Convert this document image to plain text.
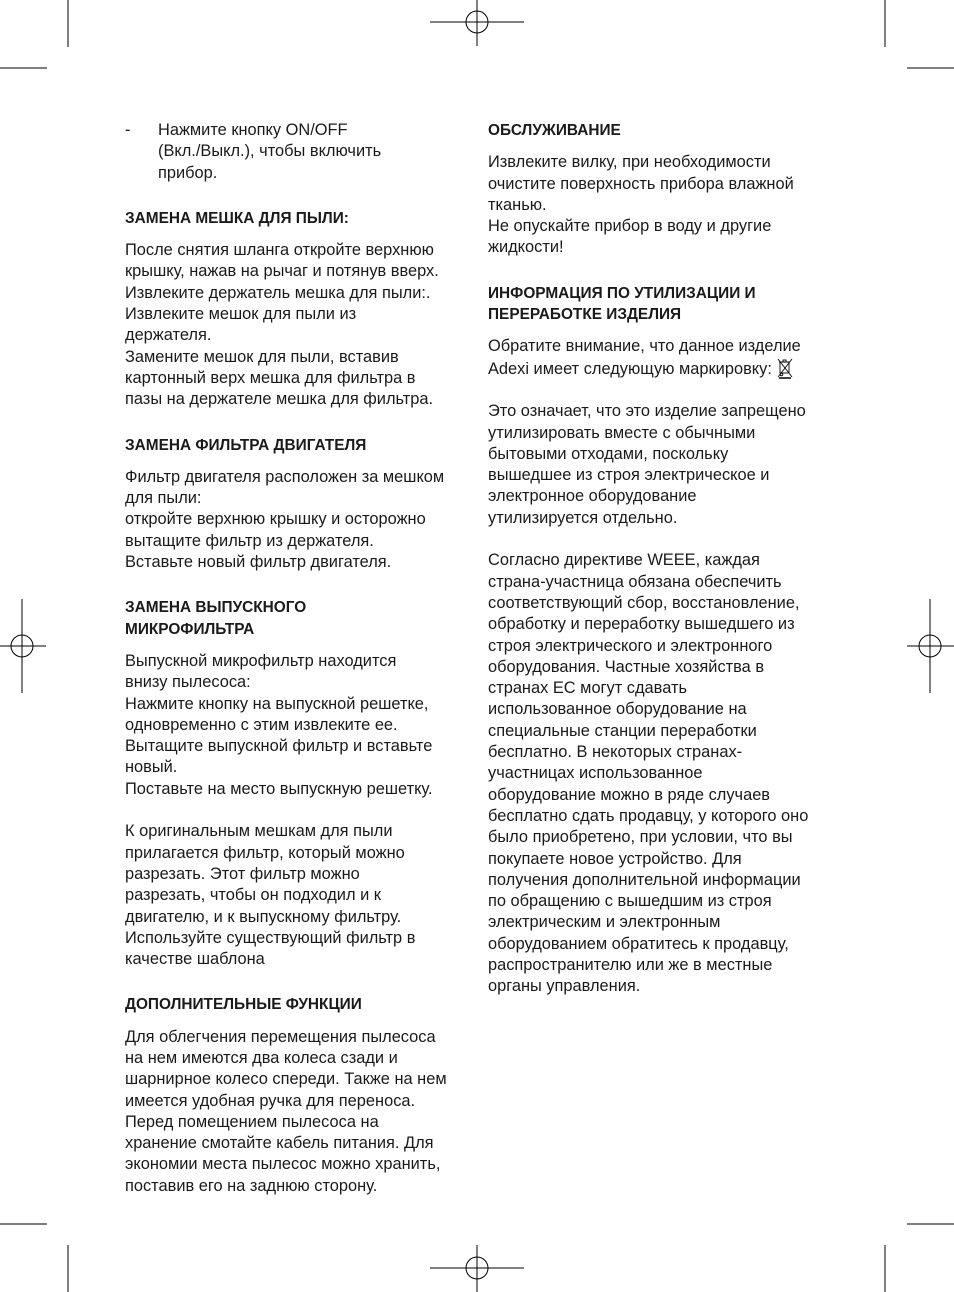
- Нажмите кнопку ON/OFF
(Вкл./Выкл.), чтобы включить
прибор.

ЗАМЕНА МЕШКА ДЛЯ ПЫЛИ:

После снятия шланга откройте верхнюю
крышку, нажав на рычаг и потянув вверх.
Извлеките держатель мешка для пыли:.
Извлеките мешок для пыли из
держателя.
Замените мешок для пыли, вставив
картонный верх мешка для фильтра в
пазы на держателе мешка для фильтра.

ЗАМЕНА ФИЛЬТРА ДВИГАТЕЛЯ

Фильтр двигателя расположен за мешком
для пыли:
откройте верхнюю крышку и осторожно
вытащите фильтр из держателя.
Вставьте новый фильтр двигателя.

ЗАМЕНА ВЫПУСКНОГО
МИКРОФИЛЬТРА

Выпускной микрофильтр находится
внизу пылесоса:
Нажмите кнопку на выпускной решетке,
одновременно с этим извлеките ее.
Вытащите выпускной фильтр и вставьте
новый.
Поставьте на место выпускную решетку.

К оригинальным мешкам для пыли
прилагается фильтр, который можно
разрезать. Этот фильтр можно
разрезать, чтобы он подходил и к
двигателю, и к выпускному фильтру.
Используйте существующий фильтр в
качестве шаблона

ДОПОЛНИТЕЛЬНЫЕ ФУНКЦИИ

Для облегчения перемещения пылесоса
на нем имеются два колеса сзади и
шарнирное колесо спереди. Также на нем
имеется удобная ручка для переноса.
Перед помещением пылесоса на
хранение смотайте кабель питания. Для
экономии места пылесос можно хранить,
поставив его на заднюю сторону.

ОБСЛУЖИВАНИЕ

Извлеките вилку, при необходимости
очистите поверхность прибора влажной
тканью.
Не опускайте прибор в воду и другие
жидкости!

ИНФОРМАЦИЯ ПО УТИЛИЗАЦИИ И
ПЕРЕРАБОТКЕ ИЗДЕЛИЯ

Обратите внимание, что данное изделие
Adexi имеет следующую маркировку:

Это означает, что это изделие запрещено
утилизировать вместе с обычными
бытовыми отходами, поскольку
вышедшее из строя электрическое и
электронное оборудование
утилизируется отдельно.

Согласно директиве WEEE, каждая
страна-участница обязана обеспечить
соответствующий сбор, восстановление,
обработку и переработку вышедшего из
строя электрического и электронного
оборудования. Частные хозяйства в
странах ЕС могут сдавать
использованное оборудование на
специальные станции переработки
бесплатно. В некоторых странах-
участницах использованное
оборудование можно в ряде случаев
бесплатно сдать продавцу, у которого оно
было приобретено, при условии, что вы
покупаете новое устройство. Для
получения дополнительной информации
по обращению с вышедшим из строя
электрическим и электронным
оборудованием обратитесь к продавцу,
распространителю или же в местные
органы управления.
